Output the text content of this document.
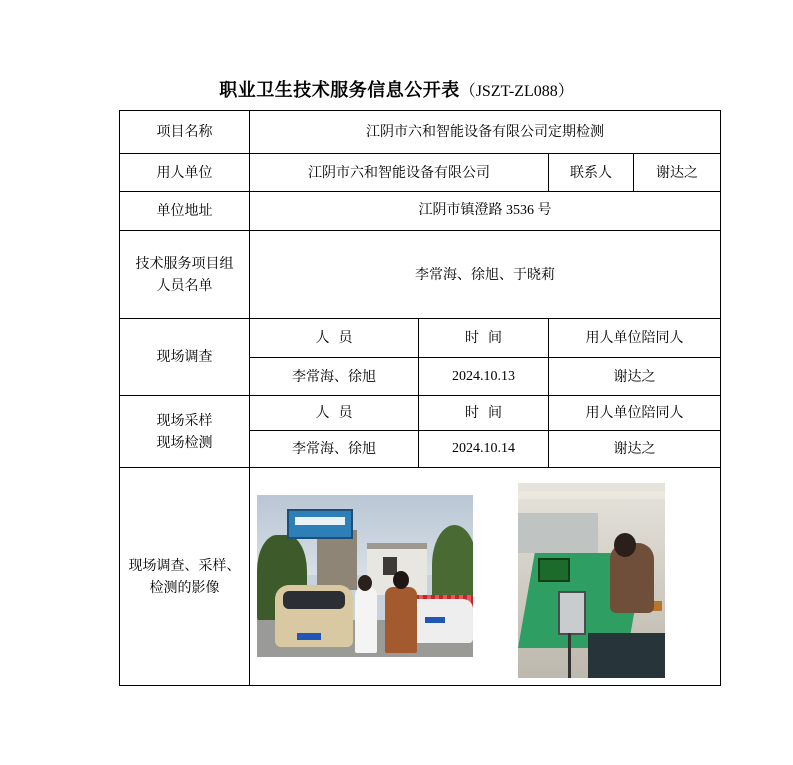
职业卫生技术服务信息公开表（JSZT-ZL088）
项目名称	江阴市六和智能设备有限公司定期检测			
用人单位	江阴市六和智能设备有限公司		联系人	谢达之
单位地址	江阴市镇澄路 3536 号			

技术服务项目组
人员名单	李常海、徐旭、于晓莉			
现场调查	人  员	时  间	用人单位陪同人	
	李常海、徐旭	2024.10.13	谢达之	

现场采样
现场检测	人  员	时  间	用人单位陪同人	
	李常海、徐旭	2024.10.14	谢达之	

现场调查、采样、
检测的影像				
